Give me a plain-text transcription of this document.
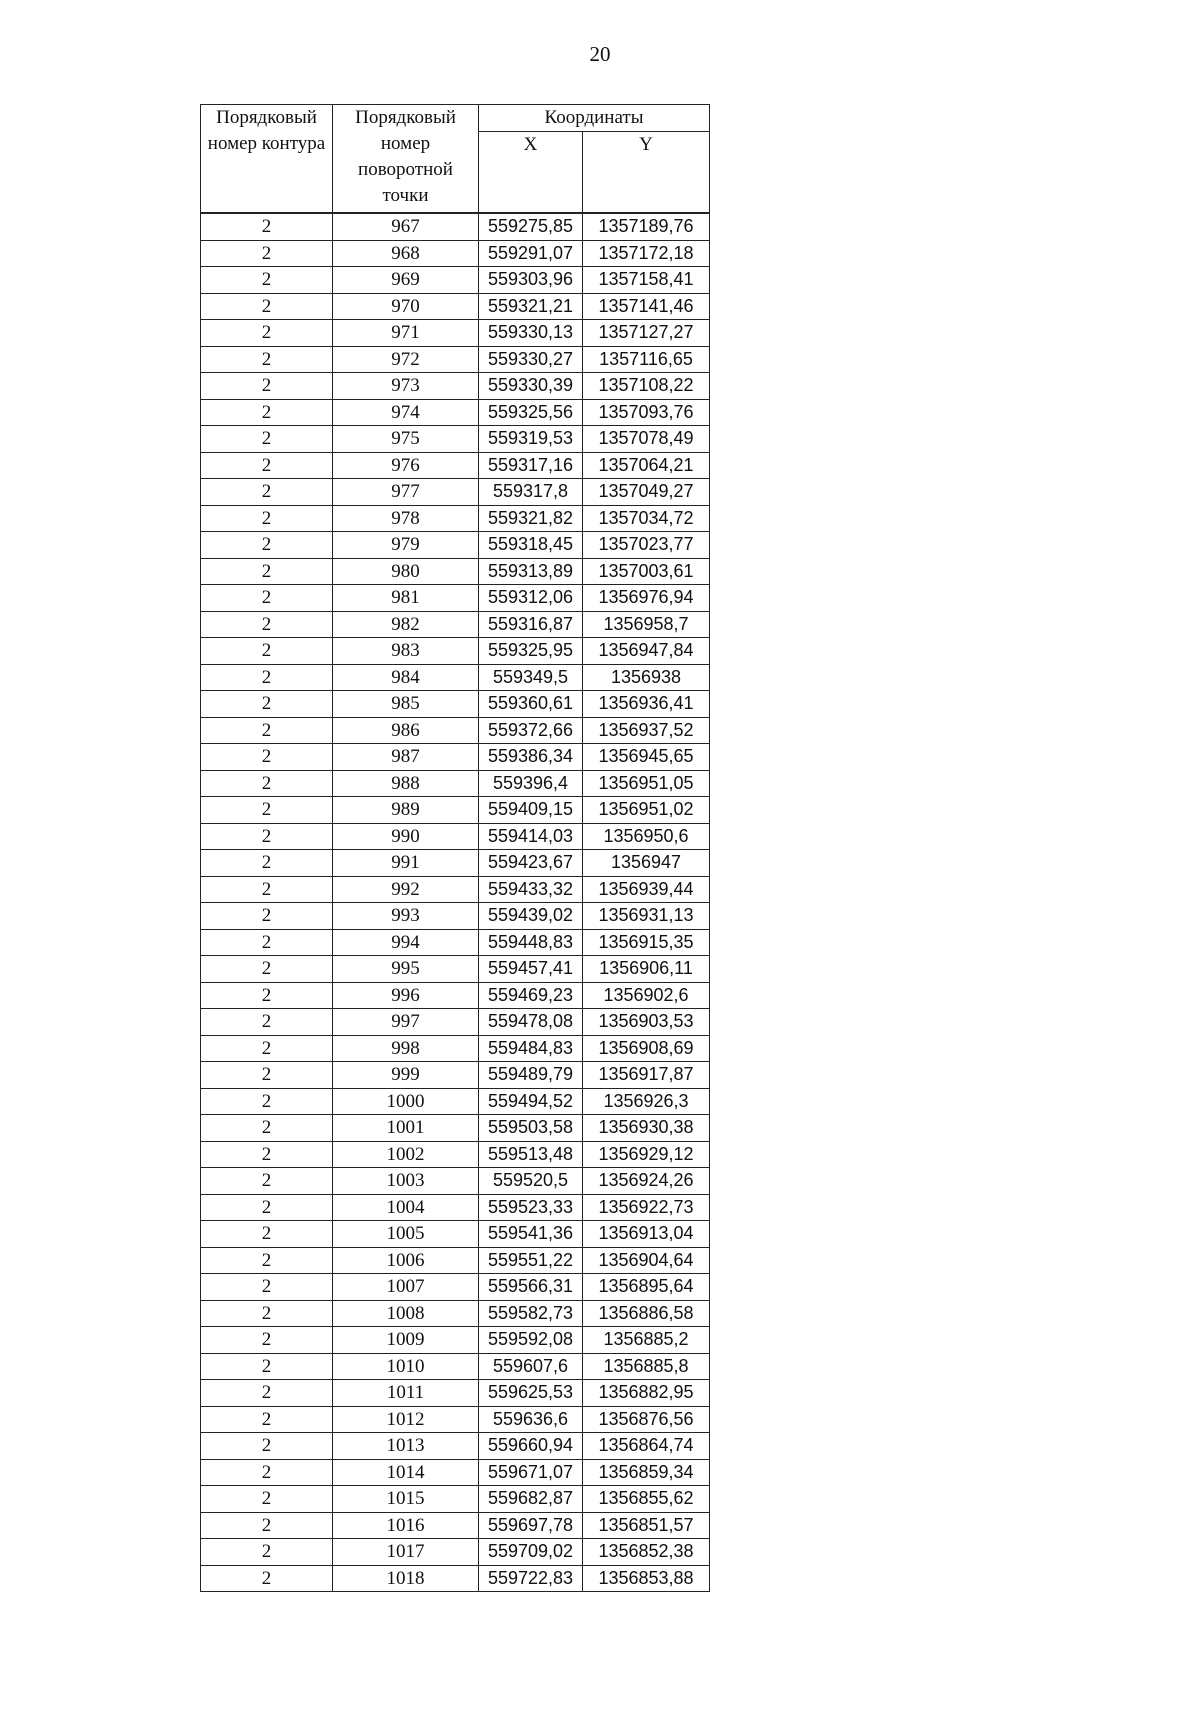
20
Порядковый номер контура	Порядковый номер поворотной точки	Координаты	
		X	Y
2	967	559275,85	1357189,76
2	968	559291,07	1357172,18
2	969	559303,96	1357158,41
2	970	559321,21	1357141,46
2	971	559330,13	1357127,27
2	972	559330,27	1357116,65
2	973	559330,39	1357108,22
2	974	559325,56	1357093,76
2	975	559319,53	1357078,49
2	976	559317,16	1357064,21
2	977	559317,8	1357049,27
2	978	559321,82	1357034,72
2	979	559318,45	1357023,77
2	980	559313,89	1357003,61
2	981	559312,06	1356976,94
2	982	559316,87	1356958,7
2	983	559325,95	1356947,84
2	984	559349,5	1356938
2	985	559360,61	1356936,41
2	986	559372,66	1356937,52
2	987	559386,34	1356945,65
2	988	559396,4	1356951,05
2	989	559409,15	1356951,02
2	990	559414,03	1356950,6
2	991	559423,67	1356947
2	992	559433,32	1356939,44
2	993	559439,02	1356931,13
2	994	559448,83	1356915,35
2	995	559457,41	1356906,11
2	996	559469,23	1356902,6
2	997	559478,08	1356903,53
2	998	559484,83	1356908,69
2	999	559489,79	1356917,87
2	1000	559494,52	1356926,3
2	1001	559503,58	1356930,38
2	1002	559513,48	1356929,12
2	1003	559520,5	1356924,26
2	1004	559523,33	1356922,73
2	1005	559541,36	1356913,04
2	1006	559551,22	1356904,64
2	1007	559566,31	1356895,64
2	1008	559582,73	1356886,58
2	1009	559592,08	1356885,2
2	1010	559607,6	1356885,8
2	1011	559625,53	1356882,95
2	1012	559636,6	1356876,56
2	1013	559660,94	1356864,74
2	1014	559671,07	1356859,34
2	1015	559682,87	1356855,62
2	1016	559697,78	1356851,57
2	1017	559709,02	1356852,38
2	1018	559722,83	1356853,88
